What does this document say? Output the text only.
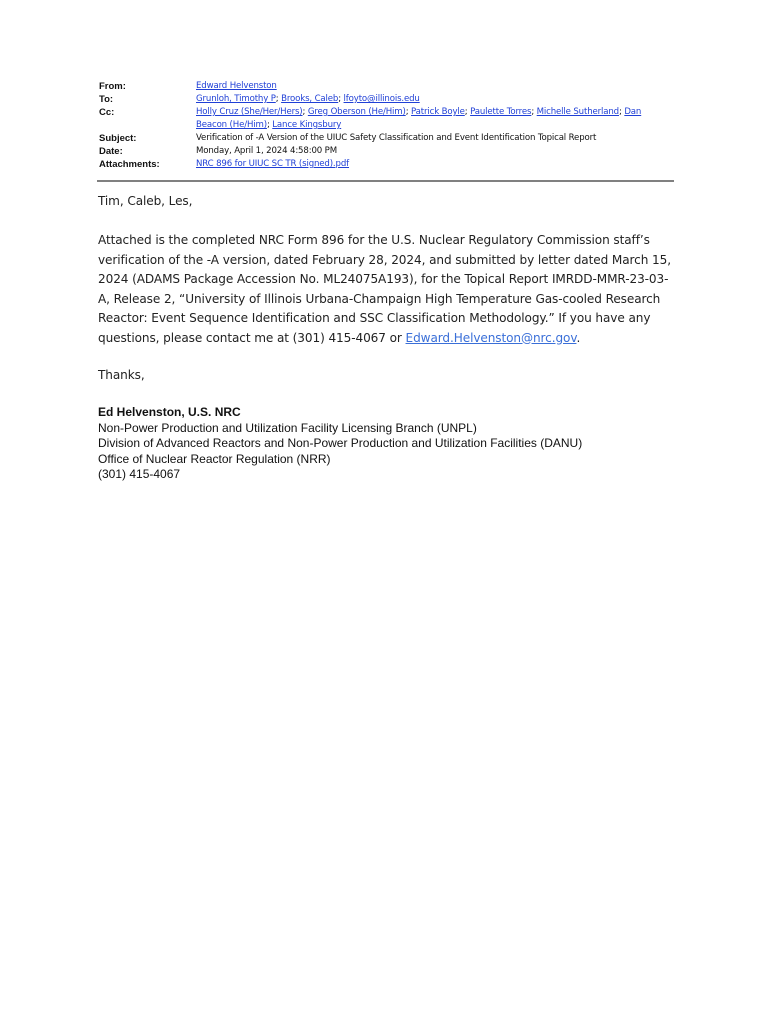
From:	Edward Helvenston
To:	Grunloh, Timothy P; Brooks, Caleb; lfoyto@illinois.edu
Cc:	Holly Cruz (She/Her/Hers); Greg Oberson (He/Him); Patrick Boyle; Paulette Torres; Michelle Sutherland; Dan Beacon (He/Him); Lance Kingsbury
Subject:	Verification of -A Version of the UIUC Safety Classification and Event Identification Topical Report
Date:	Monday, April 1, 2024 4:58:00 PM
Attachments:	NRC 896 for UIUC SC TR (signed).pdf
Tim, Caleb, Les,
Attached is the completed NRC Form 896 for the U.S. Nuclear Regulatory Commission staff’s verification of the -A version, dated February 28, 2024, and submitted by letter dated March 15, 2024 (ADAMS Package Accession No. ML24075A193), for the Topical Report IMRDD-MMR-23-03-A, Release 2, “University of Illinois Urbana-Champaign High Temperature Gas-cooled Research Reactor: Event Sequence Identification and SSC Classification Methodology.” If you have any questions, please contact me at (301) 415-4067 or Edward.Helvenston@nrc.gov.
Thanks,
Ed Helvenston, U.S. NRC
Non-Power Production and Utilization Facility Licensing Branch (UNPL)
Division of Advanced Reactors and Non-Power Production and Utilization Facilities (DANU)
Office of Nuclear Reactor Regulation (NRR)
(301) 415-4067
